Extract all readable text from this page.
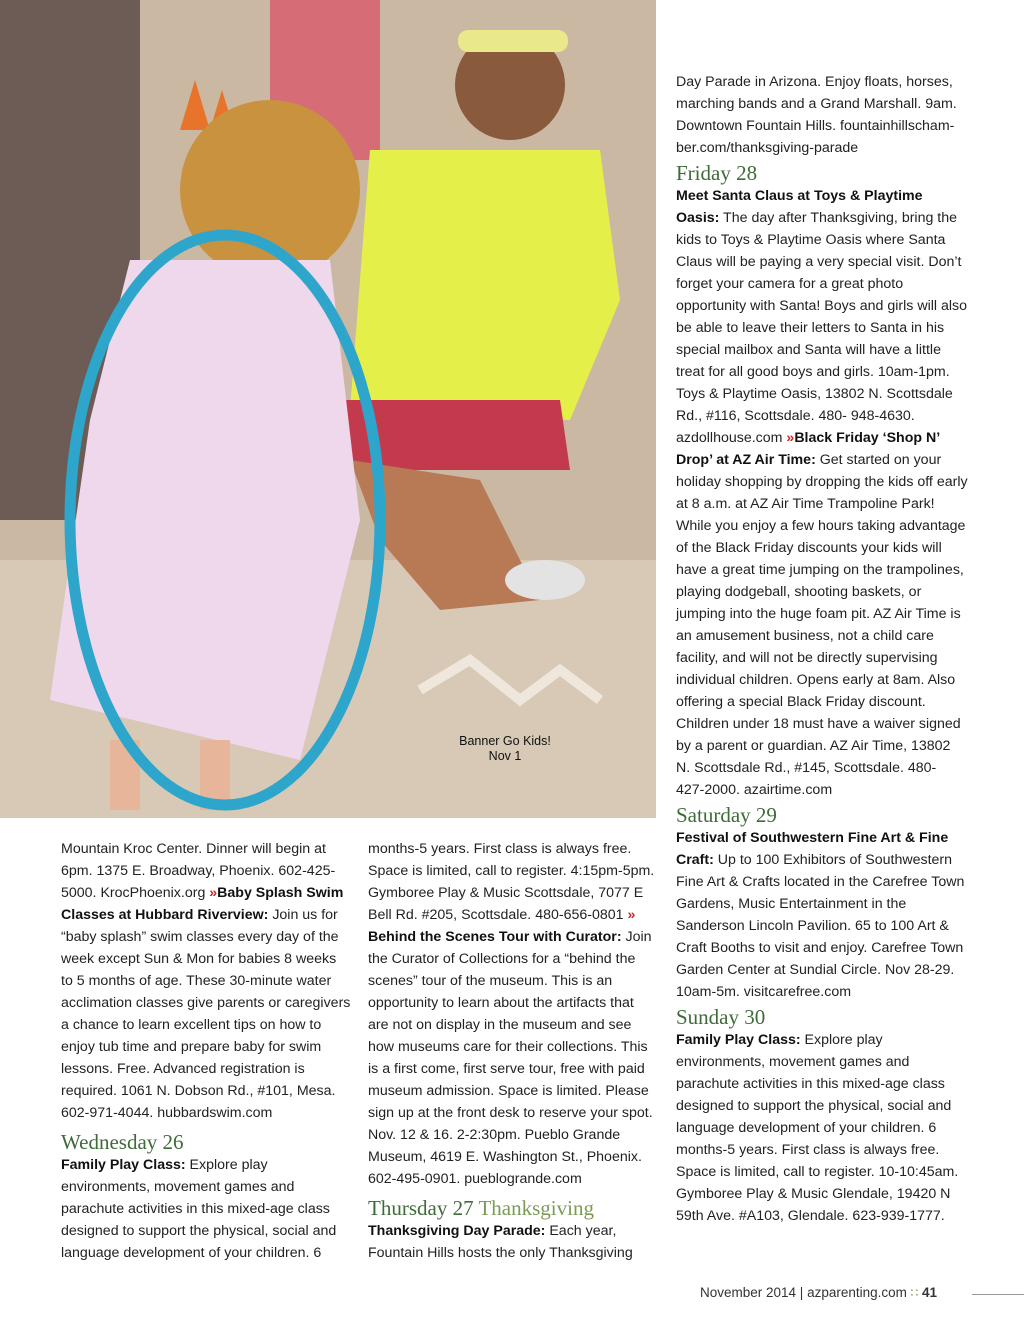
Banner Go Kids!
Nov 1

Mountain Kroc Center. Dinner will begin at 6pm. 1375 E. Broadway, Phoenix. 602-425-5000. KrocPhoenix.org »Baby Splash Swim Classes at Hubbard Riverview: Join us for “baby splash” swim classes every day of the week except Sun & Mon for babies 8 weeks to 5 months of age. These 30-minute water acclimation classes give parents or caregivers a chance to learn excellent tips on how to enjoy tub time and prepare baby for swim lessons. Free. Advanced registration is required. 1061 N. Dobson Rd., #101, Mesa. 602-971-4044. hubbardswim.com

Wednesday 26

Family Play Class: Explore play environments, movement games and parachute activities in this mixed-age class designed to support the physical, social and language development of your children. 6

months-5 years. First class is always free. Space is limited, call to register. 4:15pm-5pm. Gymboree Play & Music Scottsdale, 7077 E Bell Rd. #205, Scottsdale. 480-656-0801 » Behind the Scenes Tour with Curator: Join the Curator of Collections for a “behind the scenes” tour of the museum. This is an opportunity to learn about the artifacts that are not on display in the museum and see how museums care for their collections. This is a first come, first serve tour, free with paid museum admission. Space is limited. Please sign up at the front desk to reserve your spot. Nov. 12 & 16. 2-2:30pm. Pueblo Grande Museum, 4619 E. Washington St., Phoenix. 602-495-0901. pueblogrande.com

Thursday 27 Thanksgiving

Thanksgiving Day Parade: Each year, Fountain Hills hosts the only Thanksgiving

Day Parade in Arizona. Enjoy floats, horses, marching bands and a Grand Marshall. 9am. Downtown Fountain Hills. fountainhillscham-ber.com/thanksgiving-parade

Friday 28

Meet Santa Claus at Toys & Playtime Oasis: The day after Thanksgiving, bring the kids to Toys & Playtime Oasis where Santa Claus will be paying a very special visit. Don’t forget your camera for a great photo opportunity with Santa! Boys and girls will also be able to leave their letters to Santa in his special mailbox and Santa will have a little treat for all good boys and girls. 10am-1pm. Toys & Playtime Oasis, 13802 N. Scottsdale Rd., #116, Scottsdale. 480- 948-4630. azdollhouse.com »Black Friday ‘Shop N’ Drop’ at AZ Air Time: Get started on your holiday shopping by dropping the kids off early at 8 a.m. at AZ Air Time Trampoline Park! While you enjoy a few hours taking advantage of the Black Friday discounts your kids will have a great time jumping on the trampolines, playing dodgeball, shooting baskets, or jumping into the huge foam pit. AZ Air Time is an amusement business, not a child care facility, and will not be directly supervising individual children. Opens early at 8am. Also offering a special Black Friday discount. Children under 18 must have a waiver signed by a parent or guardian. AZ Air Time, 13802 N. Scottsdale Rd., #145, Scottsdale. 480- 427-2000. azairtime.com

Saturday 29

Festival of Southwestern Fine Art & Fine Craft: Up to 100 Exhibitors of Southwestern Fine Art & Crafts located in the Carefree Town Gardens, Music Entertainment in the Sanderson Lincoln Pavilion. 65 to 100 Art & Craft Booths to visit and enjoy. Carefree Town Garden Center at Sundial Circle. Nov 28-29. 10am-5m. visitcarefree.com

Sunday 30

Family Play Class: Explore play environments, movement games and parachute activities in this mixed-age class designed to support the physical, social and language development of your children. 6 months-5 years. First class is always free. Space is limited, call to register. 10-10:45am. Gymboree Play & Music Glendale, 19420 N 59th Ave. #A103, Glendale. 623-939-1777.

November 2014 | azparenting.com ∷ 41
